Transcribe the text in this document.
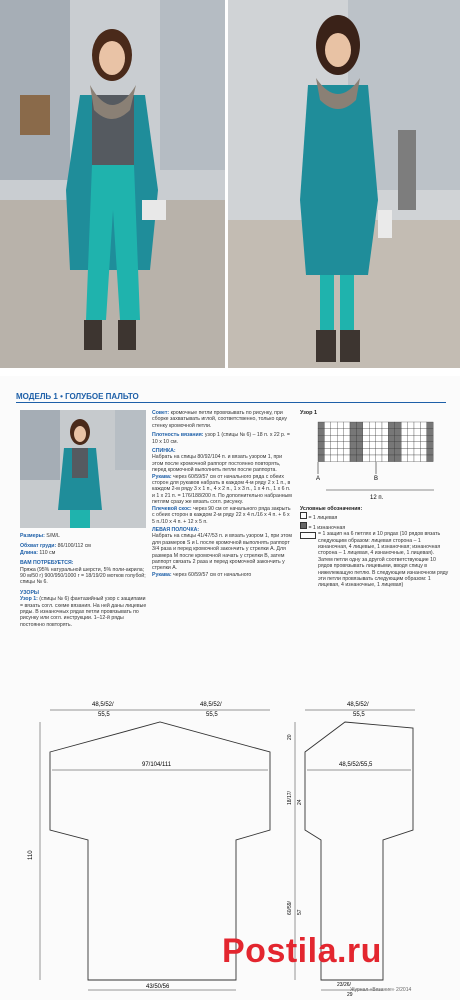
МОДЕЛЬ 1 • ГОЛУБОЕ ПАЛЬТО
Размеры: S/M/L
Обхват груди: 86/100/112 см
Длина: 110 см
ВАМ ПОТРЕБУЕТСЯ:
Пряжа (95% натуральной шерсти, 5% поли-акрила; 90 м/50 г) 900/950/1000 г = 18/19/20 мотков голубой; спицы № 6.
УЗОРЫ
Узор 1: (спицы № 6) фантазийный узор с защипами = вязать согл. схеме вязания. На ней даны лицевые ряды. В изнаночных рядах петли провязывать по рисунку или согл. инструкции. 1–12-й ряды постоянно повторять.
Совет: кромочные петли провязывать по рисунку, при сборке захватывать иглой, соответственно, только одну стенку кромочной петли.
Плотность вязания: узор 1 (спицы № 6) – 18 п. х 22 р. = 10 х 10 см.
СПИНКА:
Набрать на спицы 80/92/104 п. и вязать узором 1, при этом после кромочной раппорт постоянно повторять, перед кромочной выполнить петли после раппорта.
Рукава: через 60/59/57 см от начального ряда с обеих сторон для рукавов набрать в каждом 4-м ряду 2 х 1 п., в каждом 2-м ряду 3 х 1 п., 4 х 2 п., 1 х 3 п., 1 х 4 п., 1 х 6 п. и 1 х 21 п. = 176/188/200 п. По дополнительно набранным петлям сразу же вязать согл. рисунку.
Плечевой скос: через 90 см от начального ряда закрыть с обеих сторон в каждом 2-м ряду 22 х 4 п./16 х 4 п. + 6 х 5 п./10 х 4 п. + 12 х 5 п.
ЛЕВАЯ ПОЛОЧКА:
Набрать на спицы 41/47/53 п. и вязать узором 1, при этом для размеров S и L после кромочной выполнять раппорт 3/4 раза и перед кромочной закончить у стрелки А. Для размера M после кромочной начать у стрелки В, затем раппорт связать 2 раза и перед кромочной закончить у стрелки А.
Рукава: через 60/59/57 см от начального
Узор 1
A	B
12 п.
Условные обозначения:
= 1 лицевая
= 1 изнаночная
= 1 защип на 6 петлях и 10 рядах (10 рядов вязать следующим образом: лицевая сторона – 1 изнаночная, 4 лицевые, 1 изнаночная; изнаночная сторона – 1 лицевая, 4 изнаночные, 1 лицевая). Затем петли одну за другой соответствующие 10 рядов провязывать лицевыми, вводя спицу в нижележащую петлю. В следующем изнаночном ряду эти петли провязывать следующим образом: 1 лицевая, 4 изнаночные, 1 лицевая)
48,5/52/
55,5
48,5/52/
55,5
97/104/111
110
43/50/56
48,5/52/
55,5
48,5/52/55,5
20
18/17/ 24
60/59/ 57
23/26/
29
Postila.ru
Журнал «Вязание» 2/2014
